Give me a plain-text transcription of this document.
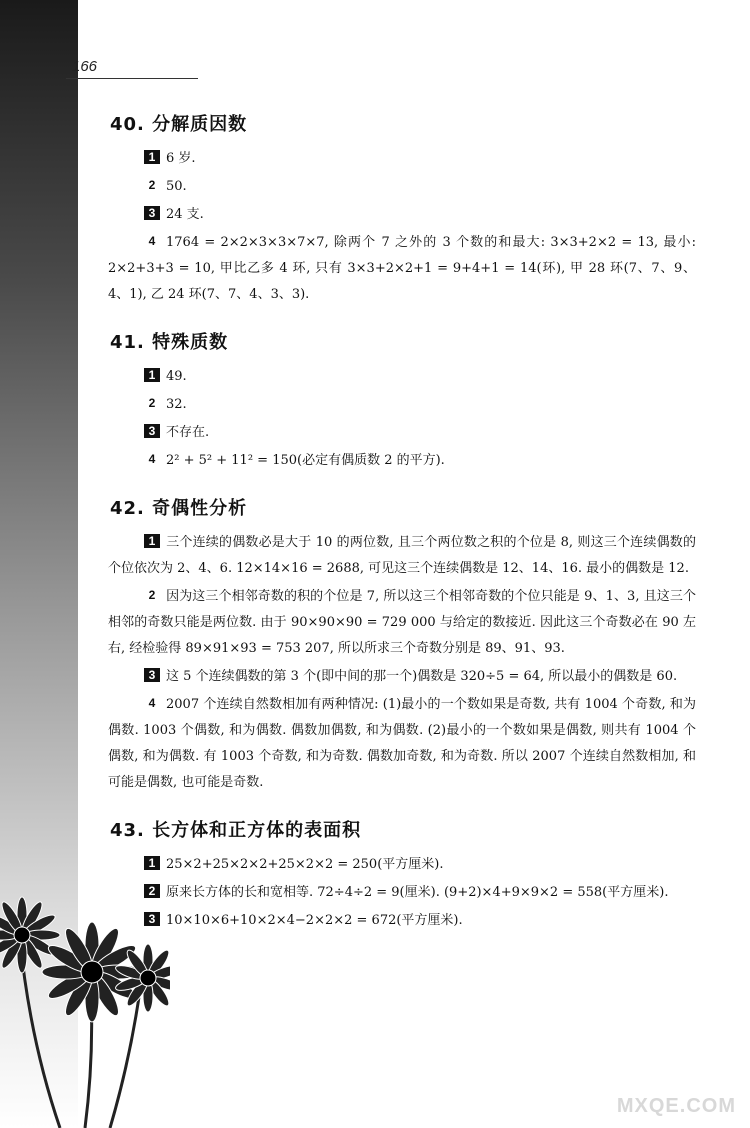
166
40. 分解质因数
1 6 岁.
2 50.
3 24 支.
4 1764 = 2×2×3×3×7×7, 除两个 7 之外的 3 个数的和最大: 3×3+2×2 = 13, 最小: 2×2+3+3 = 10, 甲比乙多 4 环, 只有 3×3+2×2+1 = 9+4+1 = 14(环), 甲 28 环(7、7、9、4、1), 乙 24 环(7、7、4、3、3).
41. 特殊质数
1 49.
2 32.
3 不存在.
4 2² + 5² + 11² = 150(必定有偶质数 2 的平方).
42. 奇偶性分析
1 三个连续的偶数必是大于 10 的两位数, 且三个两位数之积的个位是 8, 则这三个连续偶数的个位依次为 2、4、6. 12×14×16 = 2688, 可见这三个连续偶数是 12、14、16. 最小的偶数是 12.
2 因为这三个相邻奇数的积的个位是 7, 所以这三个相邻奇数的个位只能是 9、1、3, 且这三个相邻的奇数只能是两位数. 由于 90×90×90 = 729 000 与给定的数接近. 因此这三个奇数必在 90 左右, 经检验得 89×91×93 = 753 207, 所以所求三个奇数分别是 89、91、93.
3 这 5 个连续偶数的第 3 个(即中间的那一个)偶数是 320÷5 = 64, 所以最小的偶数是 60.
4 2007 个连续自然数相加有两种情况: (1)最小的一个数如果是奇数, 共有 1004 个奇数, 和为偶数. 1003 个偶数, 和为偶数. 偶数加偶数, 和为偶数. (2)最小的一个数如果是偶数, 则共有 1004 个偶数, 和为偶数. 有 1003 个奇数, 和为奇数. 偶数加奇数, 和为奇数. 所以 2007 个连续自然数相加, 和可能是偶数, 也可能是奇数.
43. 长方体和正方体的表面积
1 25×2+25×2×2+25×2×2 = 250(平方厘米).
2 原来长方体的长和宽相等. 72÷4÷2 = 9(厘米). (9+2)×4+9×9×2 = 558(平方厘米).
3 10×10×6+10×2×4−2×2×2 = 672(平方厘米).
MXQE.COM
